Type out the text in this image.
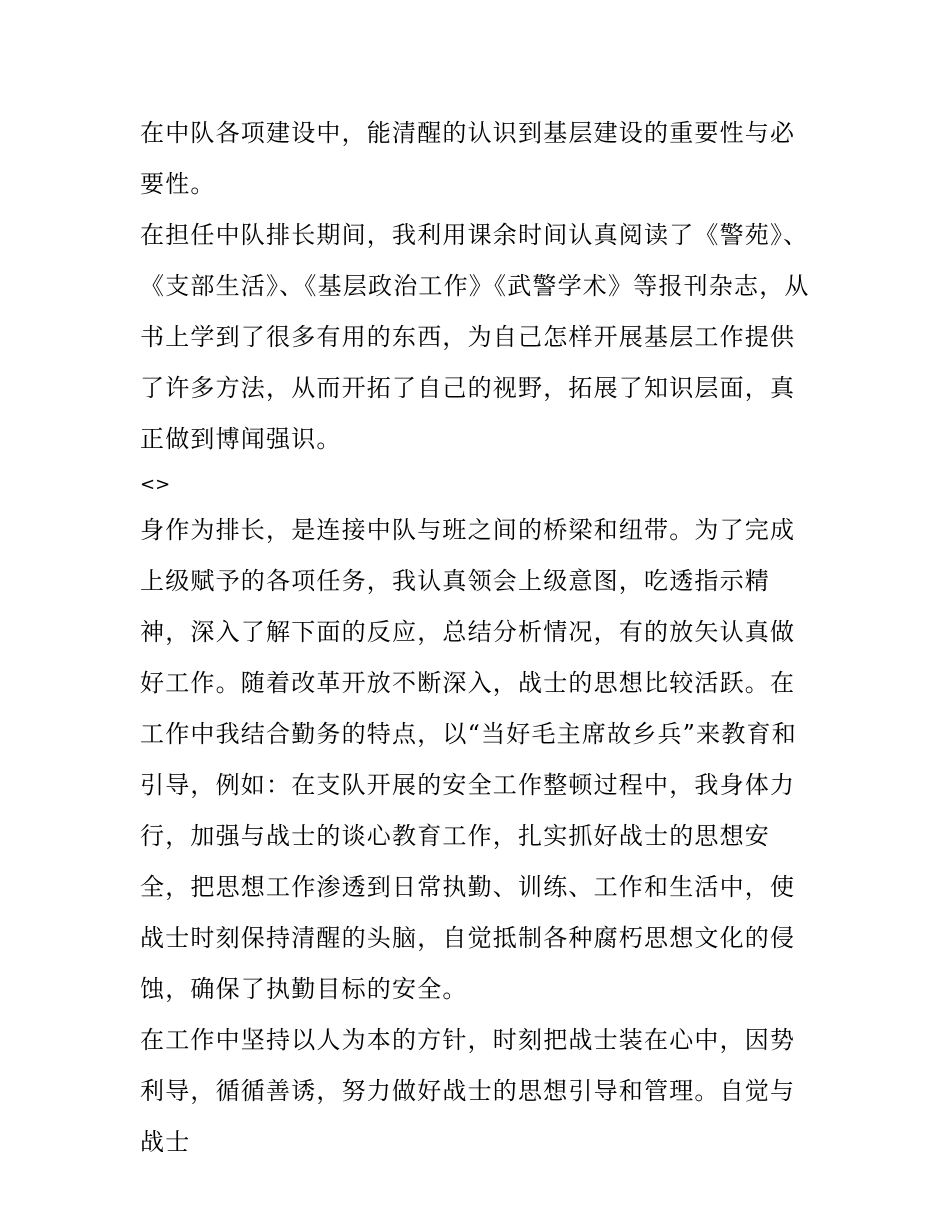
在中队各项建设中，能清醒的认识到基层建设的重要性与必要性。

在担任中队排长期间，我利用课余时间认真阅读了《警苑》、《支部生活》、《基层政治工作》《武警学术》等报刊杂志，从书上学到了很多有用的东西，为自己怎样开展基层工作提供了许多方法，从而开拓了自己的视野，拓展了知识层面，真正做到博闻强识。

<>

身作为排长，是连接中队与班之间的桥梁和纽带。为了完成上级赋予的各项任务，我认真领会上级意图，吃透指示精神，深入了解下面的反应，总结分析情况，有的放矢认真做好工作。随着改革开放不断深入，战士的思想比较活跃。在工作中我结合勤务的特点，以“当好毛主席故乡兵”来教育和引导，例如：在支队开展的安全工作整顿过程中，我身体力行，加强与战士的谈心教育工作，扎实抓好战士的思想安全，把思想工作渗透到日常执勤、训练、工作和生活中，使战士时刻保持清醒的头脑，自觉抵制各种腐朽思想文化的侵蚀，确保了执勤目标的安全。

在工作中坚持以人为本的方针，时刻把战士装在心中，因势利导，循循善诱，努力做好战士的思想引导和管理。自觉与战士
